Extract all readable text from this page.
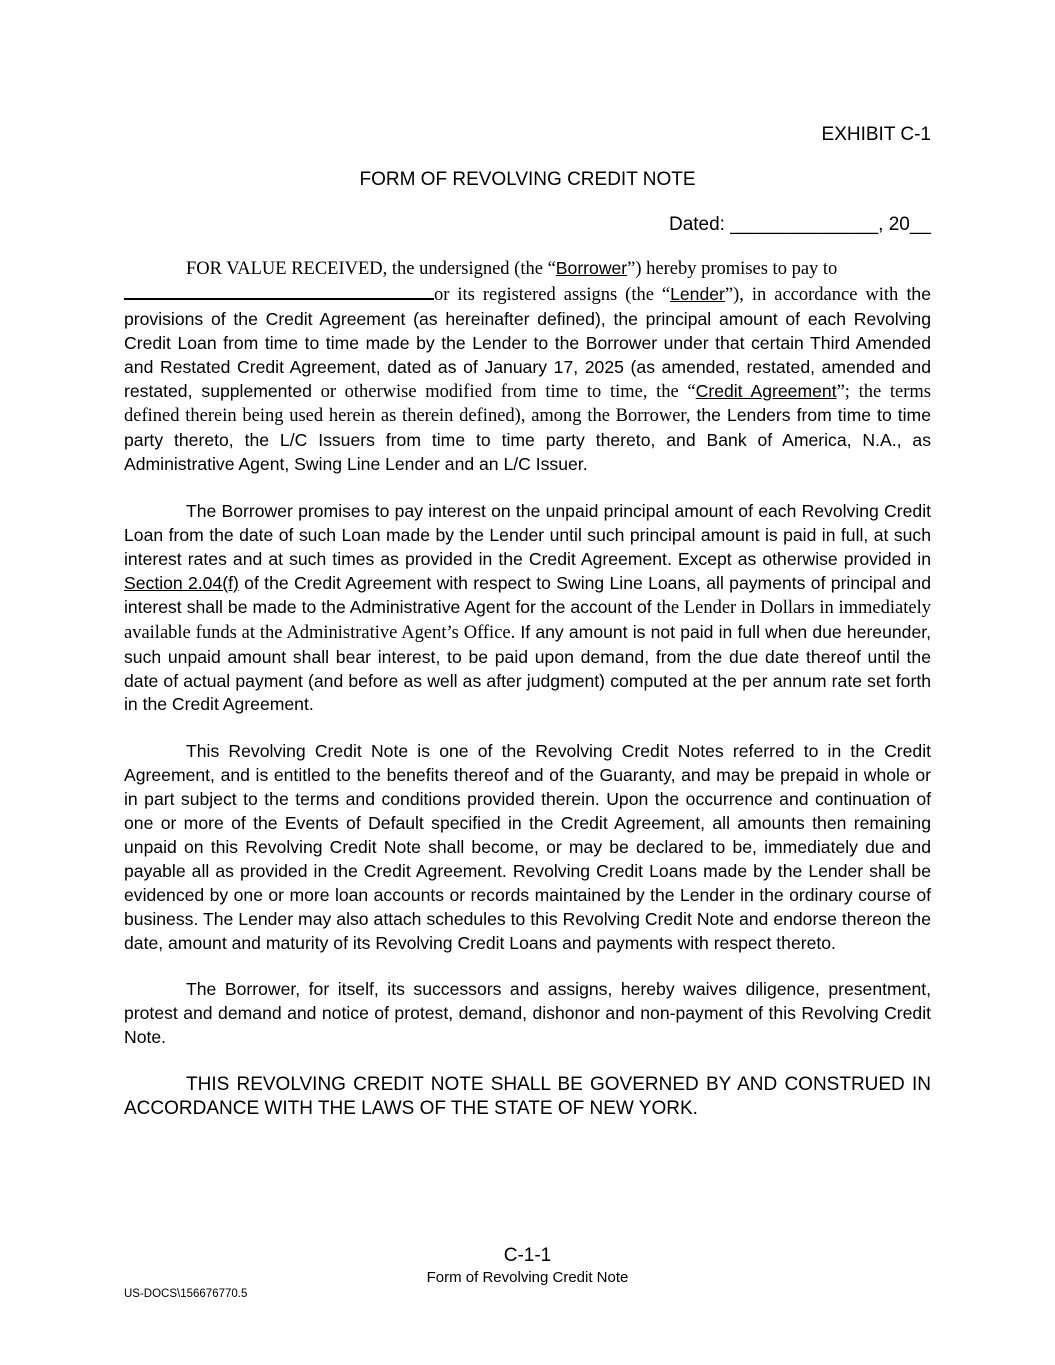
EXHIBIT C-1
FORM OF REVOLVING CREDIT NOTE
Dated: ______________, 20__

FOR VALUE RECEIVED, the undersigned (the “Borrower”) hereby promises to pay to
or its registered assigns (the “Lender”), in accordance with the provisions of the Credit Agreement (as hereinafter defined), the principal amount of each Revolving Credit Loan from time to time made by the Lender to the Borrower under that certain Third Amended and Restated Credit Agreement, dated as of January 17, 2025 (as amended, restated, amended and restated, supplemented or otherwise modified from time to time, the “Credit Agreement”; the terms defined therein being used herein as therein defined), among the Borrower, the Lenders from time to time party thereto, the L/C Issuers from time to time party thereto, and Bank of America, N.A., as Administrative Agent, Swing Line Lender and an L/C Issuer.

The Borrower promises to pay interest on the unpaid principal amount of each Revolving Credit Loan from the date of such Loan made by the Lender until such principal amount is paid in full, at such interest rates and at such times as provided in the Credit Agreement. Except as otherwise provided in Section 2.04(f) of the Credit Agreement with respect to Swing Line Loans, all payments of principal and interest shall be made to the Administrative Agent for the account of the Lender in Dollars in immediately available funds at the Administrative Agent’s Office. If any amount is not paid in full when due hereunder, such unpaid amount shall bear interest, to be paid upon demand, from the due date thereof until the date of actual payment (and before as well as after judgment) computed at the per annum rate set forth in the Credit Agreement.

This Revolving Credit Note is one of the Revolving Credit Notes referred to in the Credit Agreement, and is entitled to the benefits thereof and of the Guaranty, and may be prepaid in whole or in part subject to the terms and conditions provided therein. Upon the occurrence and continuation of one or more of the Events of Default specified in the Credit Agreement, all amounts then remaining unpaid on this Revolving Credit Note shall become, or may be declared to be, immediately due and payable all as provided in the Credit Agreement. Revolving Credit Loans made by the Lender shall be evidenced by one or more loan accounts or records maintained by the Lender in the ordinary course of business. The Lender may also attach schedules to this Revolving Credit Note and endorse thereon the date, amount and maturity of its Revolving Credit Loans and payments with respect thereto.

The Borrower, for itself, its successors and assigns, hereby waives diligence, presentment, protest and demand and notice of protest, demand, dishonor and non-payment of this Revolving Credit Note.

THIS REVOLVING CREDIT NOTE SHALL BE GOVERNED BY AND CONSTRUED IN ACCORDANCE WITH THE LAWS OF THE STATE OF NEW YORK.

C-1-1
Form of Revolving Credit Note
US-DOCS\156676770.5
